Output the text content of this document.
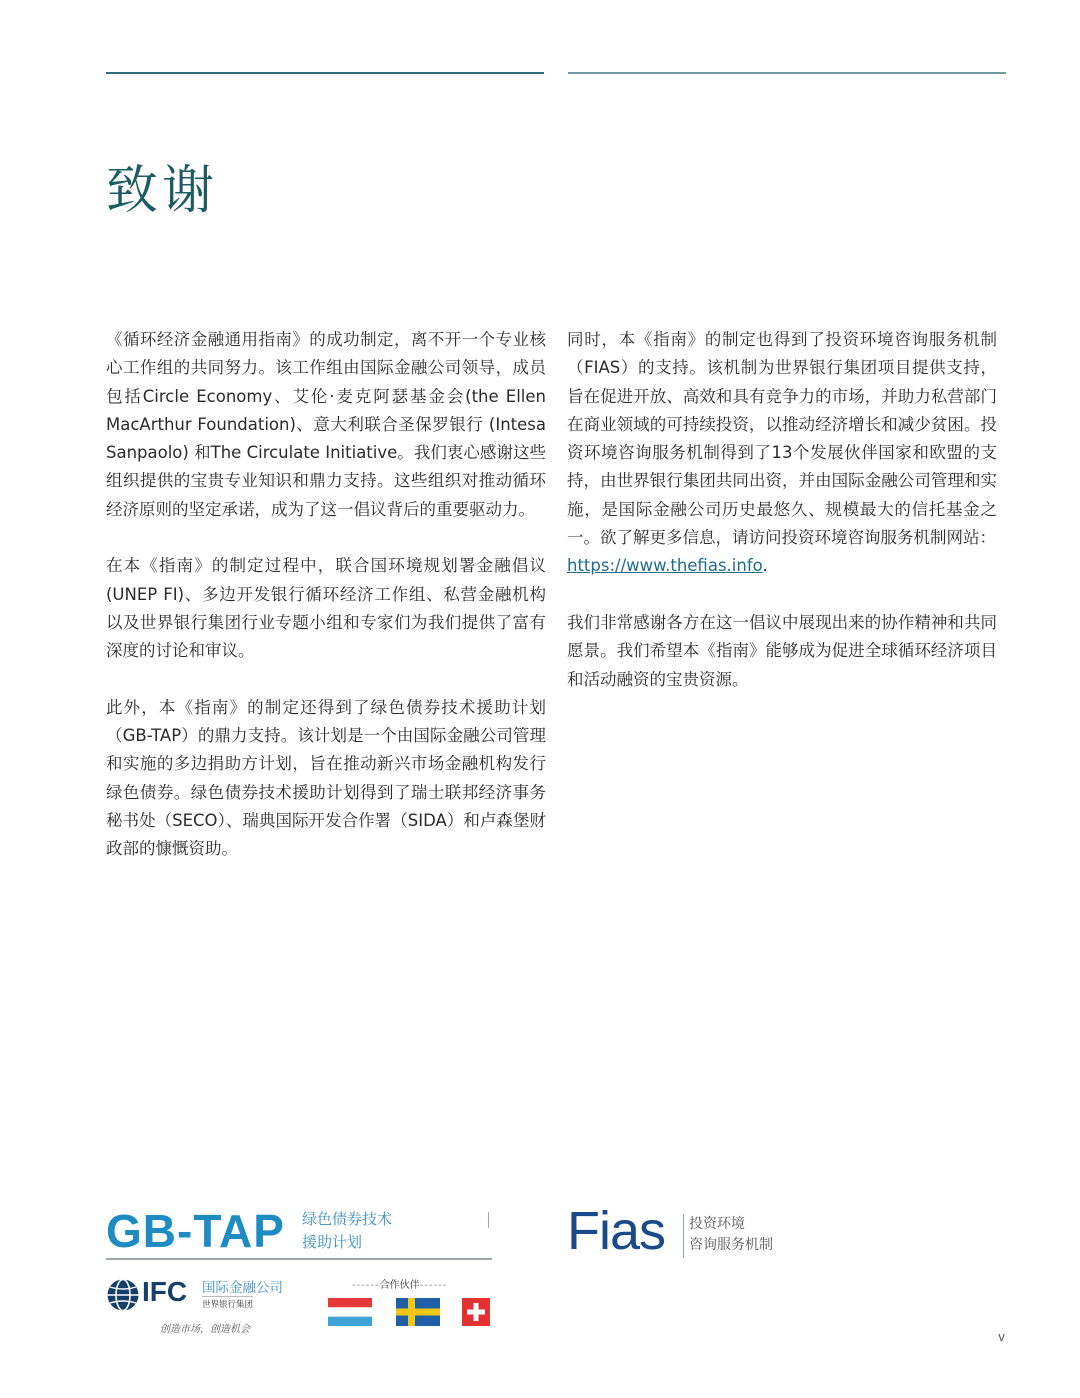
致谢

《循环经济金融通用指南》的成功制定，离不开一个专业核心工作组的共同努力。该工作组由国际金融公司领导，成员包括Circle Economy、艾伦·麦克阿瑟基金会(the Ellen MacArthur Foundation)、意大利联合圣保罗银行 (Intesa Sanpaolo) 和The Circulate Initiative。我们衷心感谢这些组织提供的宝贵专业知识和鼎力支持。这些组织对推动循环经济原则的坚定承诺，成为了这一倡议背后的重要驱动力。

在本《指南》的制定过程中，联合国环境规划署金融倡议 (UNEP FI)、多边开发银行循环经济工作组、私营金融机构以及世界银行集团行业专题小组和专家们为我们提供了富有深度的讨论和审议。

此外，本《指南》的制定还得到了绿色债券技术援助计划（GB-TAP）的鼎力支持。该计划是一个由国际金融公司管理和实施的多边捐助方计划，旨在推动新兴市场金融机构发行绿色债券。绿色债券技术援助计划得到了瑞士联邦经济事务秘书处（SECO）、瑞典国际开发合作署（SIDA）和卢森堡财政部的慷慨资助。

同时，本《指南》的制定也得到了投资环境咨询服务机制（FIAS）的支持。该机制为世界银行集团项目提供支持，旨在促进开放、高效和具有竞争力的市场，并助力私营部门在商业领域的可持续投资，以推动经济增长和减少贫困。投资环境咨询服务机制得到了13个发展伙伴国家和欧盟的支持，由世界银行集团共同出资，并由国际金融公司管理和实施，是国际金融公司历史最悠久、规模最大的信托基金之一。欲了解更多信息，请访问投资环境咨询服务机制网站：
https://www.thefias.info.

我们非常感谢各方在这一倡议中展现出来的协作精神和共同愿景。我们希望本《指南》能够成为促进全球循环经济项目和活动融资的宝贵资源。

GB-TAP 绿色债券技术
援助计划
IFC 国际金融公司
世界银行集团
创造市场，创造机会
------合作伙伴------
Fias 投资环境
咨询服务机制
v
